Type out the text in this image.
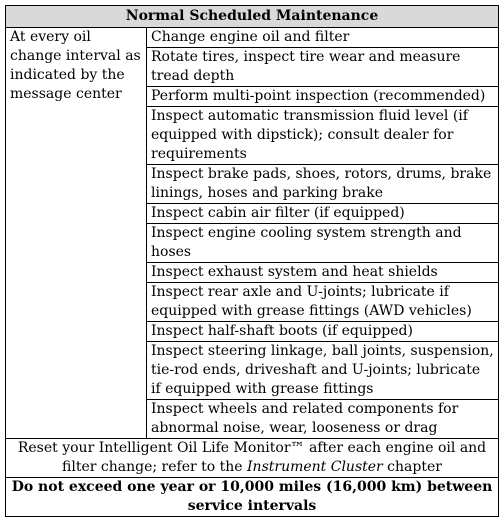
Normal Scheduled Maintenance
At every oil change interval as indicated by the message center	Change engine oil and filter
Rotate tires, inspect tire wear and measure tread depth
Perform multi-point inspection (recommended)
Inspect automatic transmission fluid level (if equipped with dipstick); consult dealer for requirements
Inspect brake pads, shoes, rotors, drums, brake linings, hoses and parking brake
Inspect cabin air filter (if equipped)
Inspect engine cooling system strength and hoses
Inspect exhaust system and heat shields
Inspect rear axle and U-joints; lubricate if equipped with grease fittings (AWD vehicles)
Inspect half-shaft boots (if equipped)
Inspect steering linkage, ball joints, suspension, tie-rod ends, driveshaft and U-joints; lubricate if equipped with grease fittings
Inspect wheels and related components for abnormal noise, wear, looseness or drag
Reset your Intelligent Oil Life Monitor™ after each engine oil and filter change; refer to the Instrument Cluster chapter
Do not exceed one year or 10,000 miles (16,000 km) between service intervals
